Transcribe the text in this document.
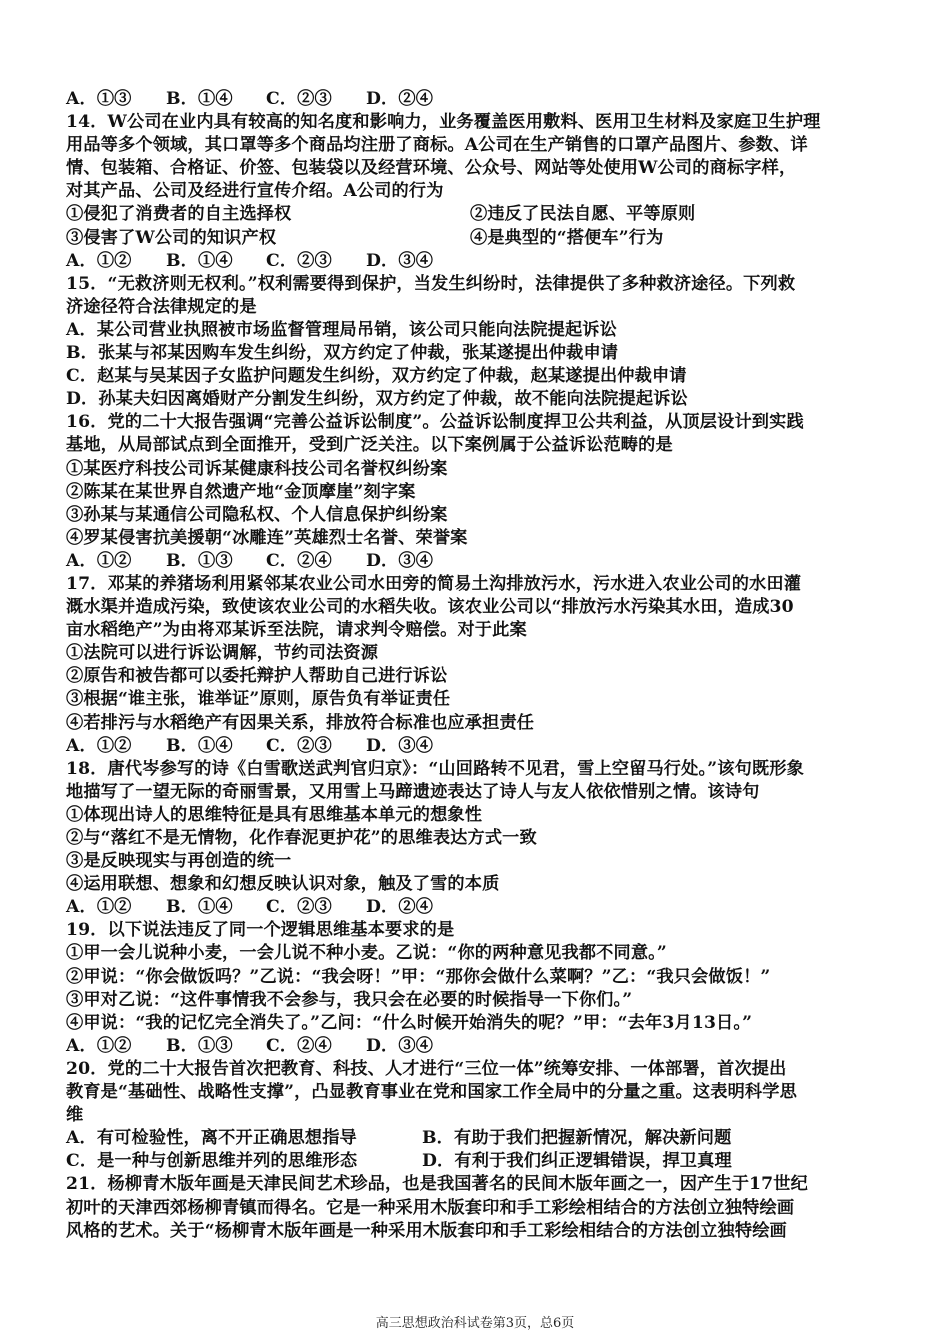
A．①③ B．①④ C．②③ D．②④
14．W公司在业内具有较高的知名度和影响力，业务覆盖医用敷料、医用卫生材料及家庭卫生护理
用品等多个领域，其口罩等多个商品均注册了商标。A公司在生产销售的口罩产品图片、参数、详
情、包装箱、合格证、价签、包装袋以及经营环境、公众号、网站等处使用W公司的商标字样，
对其产品、公司及经进行宣传介绍。A公司的行为
①侵犯了消费者的自主选择权	②违反了民法自愿、平等原则
③侵害了W公司的知识产权	④是典型的“搭便车”行为
A．①② B．①④ C．②③ D．③④
15．“无救济则无权利。”权利需要得到保护，当发生纠纷时，法律提供了多种救济途径。下列救
济途径符合法律规定的是
A．某公司营业执照被市场监督管理局吊销，该公司只能向法院提起诉讼
B．张某与祁某因购车发生纠纷，双方约定了仲裁，张某遂提出仲裁申请
C．赵某与吴某因子女监护问题发生纠纷，双方约定了仲裁，赵某遂提出仲裁申请
D．孙某夫妇因离婚财产分割发生纠纷，双方约定了仲裁，故不能向法院提起诉讼
16．党的二十大报告强调“完善公益诉讼制度”。公益诉讼制度捍卫公共利益，从顶层设计到实践
基地，从局部试点到全面推开，受到广泛关注。以下案例属于公益诉讼范畴的是
①某医疗科技公司诉某健康科技公司名誉权纠纷案
②陈某在某世界自然遗产地“金顶摩崖”刻字案
③孙某与某通信公司隐私权、个人信息保护纠纷案
④罗某侵害抗美援朝“冰雕连”英雄烈士名誉、荣誉案
A．①② B．①③ C．②④ D．③④
17．邓某的养猪场利用紧邻某农业公司水田旁的简易土沟排放污水，污水进入农业公司的水田灌
溉水渠并造成污染，致使该农业公司的水稻失收。该农业公司以“排放污水污染其水田，造成30
亩水稻绝产”为由将邓某诉至法院，请求判令赔偿。对于此案
①法院可以进行诉讼调解，节约司法资源
②原告和被告都可以委托辩护人帮助自己进行诉讼
③根据“谁主张，谁举证”原则，原告负有举证责任
④若排污与水稻绝产有因果关系，排放符合标准也应承担责任
A．①② B．①④ C．②③ D．③④
18．唐代岑参写的诗《白雪歌送武判官归京》：“山回路转不见君，雪上空留马行处。”该句既形象
地描写了一望无际的奇丽雪景，又用雪上马蹄遗迹表达了诗人与友人依依惜别之情。该诗句
①体现出诗人的思维特征是具有思维基本单元的想象性
②与“落红不是无情物，化作春泥更护花”的思维表达方式一致
③是反映现实与再创造的统一
④运用联想、想象和幻想反映认识对象，触及了雪的本质
A．①② B．①④ C．②③ D．②④
19．以下说法违反了同一个逻辑思维基本要求的是
①甲一会儿说种小麦，一会儿说不种小麦。乙说：“你的两种意见我都不同意。”
②甲说：“你会做饭吗？”乙说：“我会呀！”甲：“那你会做什么菜啊？”乙：“我只会做饭！”
③甲对乙说：“这件事情我不会参与，我只会在必要的时候指导一下你们。”
④甲说：“我的记忆完全消失了。”乙问：“什么时候开始消失的呢？”甲：“去年3月13日。”
A．①② B．①③ C．②④ D．③④
20．党的二十大报告首次把教育、科技、人才进行“三位一体”统筹安排、一体部署，首次提出
教育是“基础性、战略性支撑”，凸显教育事业在党和国家工作全局中的分量之重。这表明科学思
维
A．有可检验性，离不开正确思想指导	B．有助于我们把握新情况，解决新问题
C．是一种与创新思维并列的思维形态	D．有利于我们纠正逻辑错误，捍卫真理
21．杨柳青木版年画是天津民间艺术珍品，也是我国著名的民间木版年画之一，因产生于17世纪
初叶的天津西郊杨柳青镇而得名。它是一种采用木版套印和手工彩绘相结合的方法创立独特绘画
风格的艺术。关于“杨柳青木版年画是一种采用木版套印和手工彩绘相结合的方法创立独特绘画
高三思想政治科试卷第3页，总6页
